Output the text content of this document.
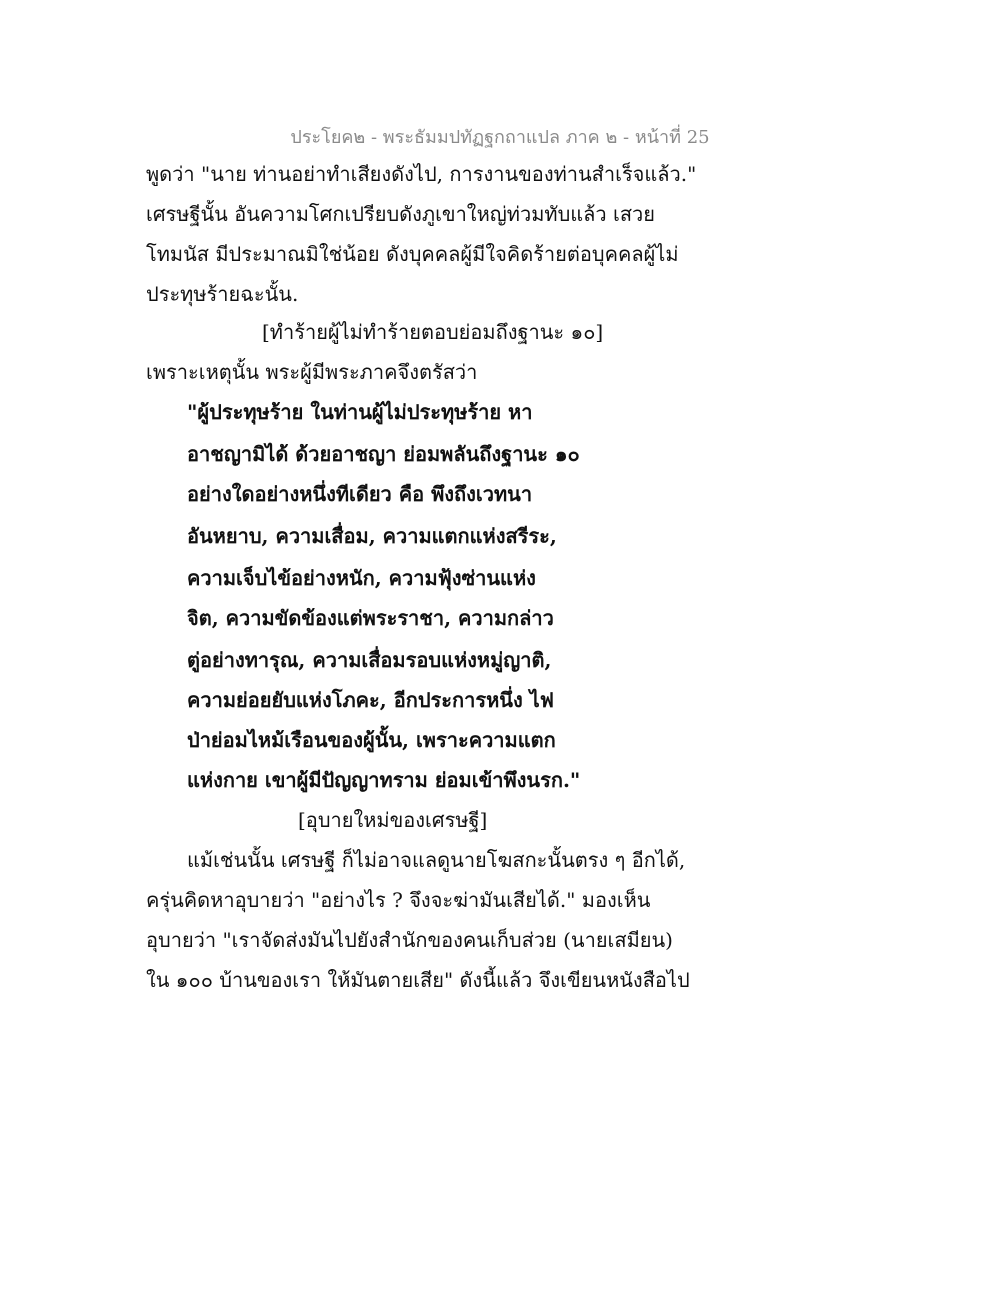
ประโยค๒ - พระธัมมปทัฏฐกถาแปล ภาค ๒ - หน้าที่ 25
พูดว่า "นาย ท่านอย่าทำเสียงดังไป, การงานของท่านสำเร็จแล้ว."
เศรษฐีนั้น อันความโศกเปรียบดังภูเขาใหญ่ท่วมทับแล้ว เสวย
โทมนัส มีประมาณมิใช่น้อย ดังบุคคลผู้มีใจคิดร้ายต่อบุคคลผู้ไม่
ประทุษร้ายฉะนั้น.
[ทำร้ายผู้ไม่ทำร้ายตอบย่อมถึงฐานะ ๑๐]
เพราะเหตุนั้น พระผู้มีพระภาคจึงตรัสว่า
"ผู้ประทุษร้าย ในท่านผู้ไม่ประทุษร้าย หา
อาชญามิได้ ด้วยอาชญา ย่อมพลันถึงฐานะ ๑๐
อย่างใดอย่างหนึ่งทีเดียว คือ พึงถึงเวทนา
อันหยาบ, ความเสื่อม, ความแตกแห่งสรีระ,
ความเจ็บไข้อย่างหนัก, ความฟุ้งซ่านแห่ง
จิต, ความขัดข้องแต่พระราชา, ความกล่าว
ตู่อย่างทารุณ, ความเสื่อมรอบแห่งหมู่ญาติ,
ความย่อยยับแห่งโภคะ, อีกประการหนึ่ง ไฟ
ป่าย่อมไหม้เรือนของผู้นั้น, เพราะความแตก
แห่งกาย เขาผู้มีปัญญาทราม ย่อมเข้าพึงนรก."
[อุบายใหม่ของเศรษฐี]
แม้เช่นนั้น เศรษฐี ก็ไม่อาจแลดูนายโฆสกะนั้นตรง ๆ อีกได้,
ครุ่นคิดหาอุบายว่า "อย่างไร ? จึงจะฆ่ามันเสียได้." มองเห็น
อุบายว่า "เราจัดส่งมันไปยังสำนักของคนเก็บส่วย (นายเสมียน)
ใน ๑๐๐ บ้านของเรา ให้มันตายเสีย" ดังนี้แล้ว จึงเขียนหนังสือไป
